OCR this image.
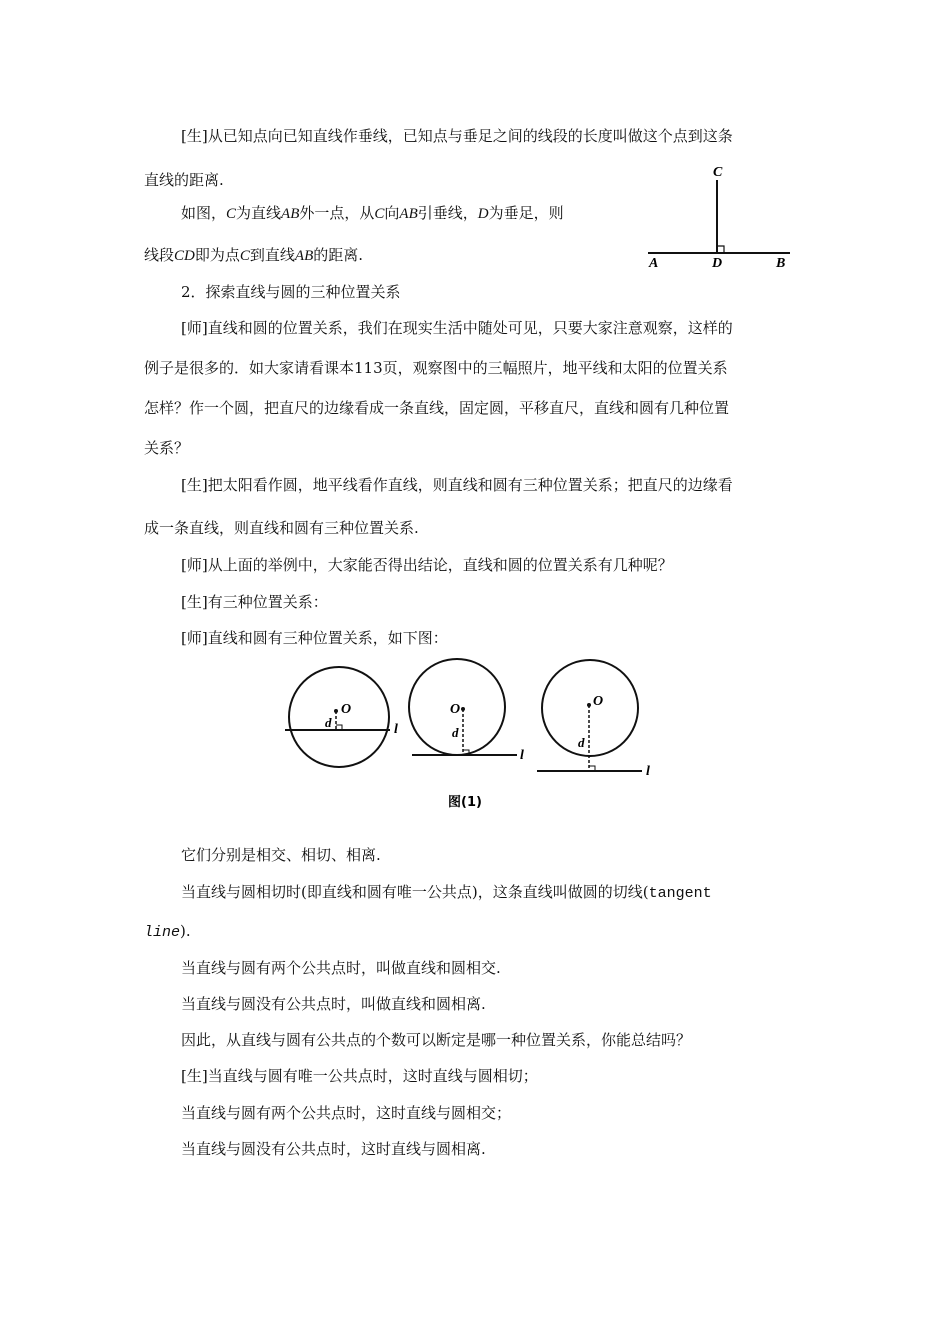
[生]从已知点向已知直线作垂线，已知点与垂足之间的线段的长度叫做这个点到这条
直线的距离.
如图，C为直线AB外一点，从C向AB引垂线，D为垂足，则
线段CD即为点C到直线AB的距离.
C
A	D	B
2．探索直线与圆的三种位置关系
[师]直线和圆的位置关系，我们在现实生活中随处可见，只要大家注意观察，这样的
例子是很多的．如大家请看课本113页，观察图中的三幅照片，地平线和太阳的位置关系
怎样？作一个圆，把直尺的边缘看成一条直线，固定圆，平移直尺，直线和圆有几种位置
关系？
[生]把太阳看作圆，地平线看作直线，则直线和圆有三种位置关系；把直尺的边缘看
成一条直线，则直线和圆有三种位置关系.
[师]从上面的举例中，大家能否得出结论，直线和圆的位置关系有几种呢？
[生]有三种位置关系：
[师]直线和圆有三种位置关系，如下图：
O
d	l
O
d
l
O
d
l
图(1)
它们分别是相交、相切、相离.
当直线与圆相切时(即直线和圆有唯一公共点)，这条直线叫做圆的切线(tangent
line).
当直线与圆有两个公共点时，叫做直线和圆相交.
当直线与圆没有公共点时，叫做直线和圆相离.
因此，从直线与圆有公共点的个数可以断定是哪一种位置关系，你能总结吗？
[生]当直线与圆有唯一公共点时，这时直线与圆相切；
当直线与圆有两个公共点时，这时直线与圆相交；
当直线与圆没有公共点时，这时直线与圆相离.
